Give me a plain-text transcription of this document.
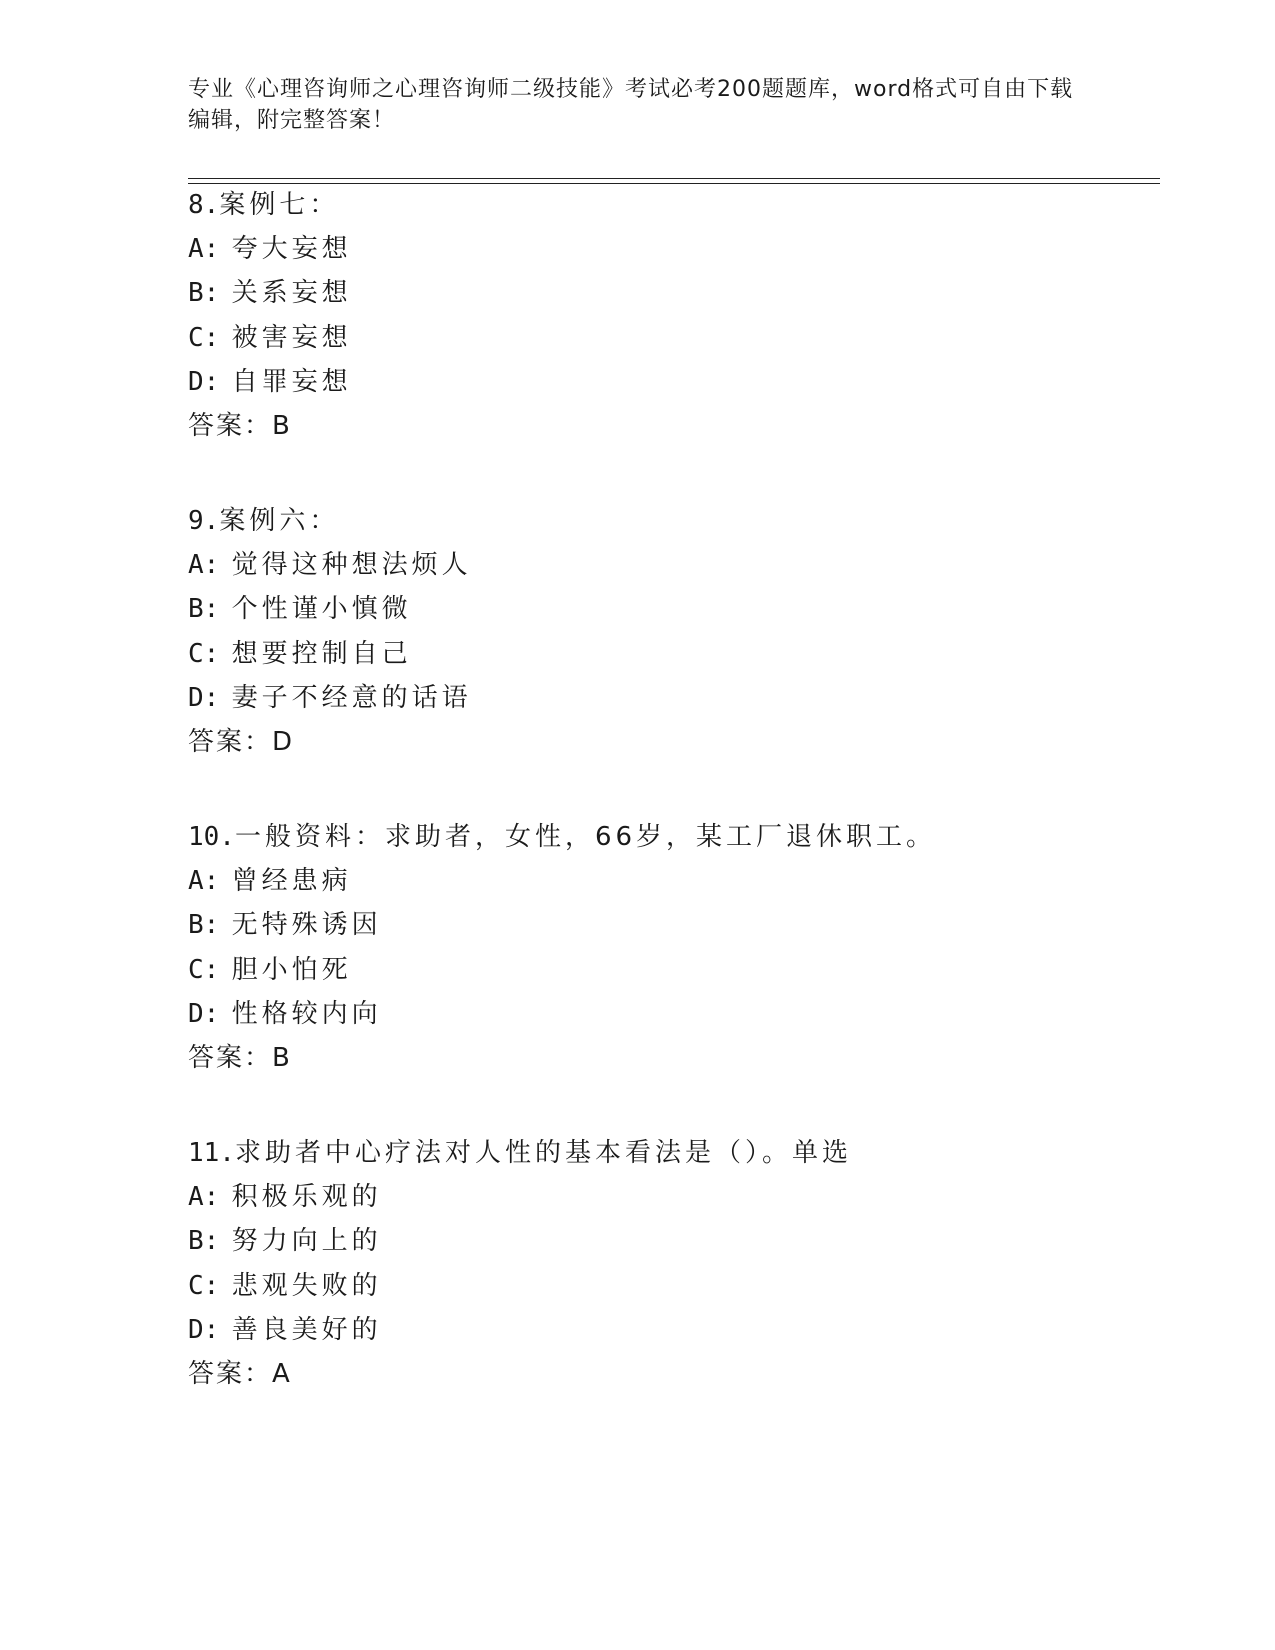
专业《心理咨询师之心理咨询师二级技能》考试必考200题题库，word格式可自由下载编辑，附完整答案！
8.案例七：
A: 夸大妄想
B: 关系妄想
C: 被害妄想
D: 自罪妄想
答案：B
9.案例六：
A: 觉得这种想法烦人
B: 个性谨小慎微
C: 想要控制自己
D: 妻子不经意的话语
答案：D
10.一般资料：求助者，女性，66岁，某工厂退休职工。
A: 曾经患病
B: 无特殊诱因
C: 胆小怕死
D: 性格较内向
答案：B
11.求助者中心疗法对人性的基本看法是（）。单选
A: 积极乐观的
B: 努力向上的
C: 悲观失败的
D: 善良美好的
答案：A
